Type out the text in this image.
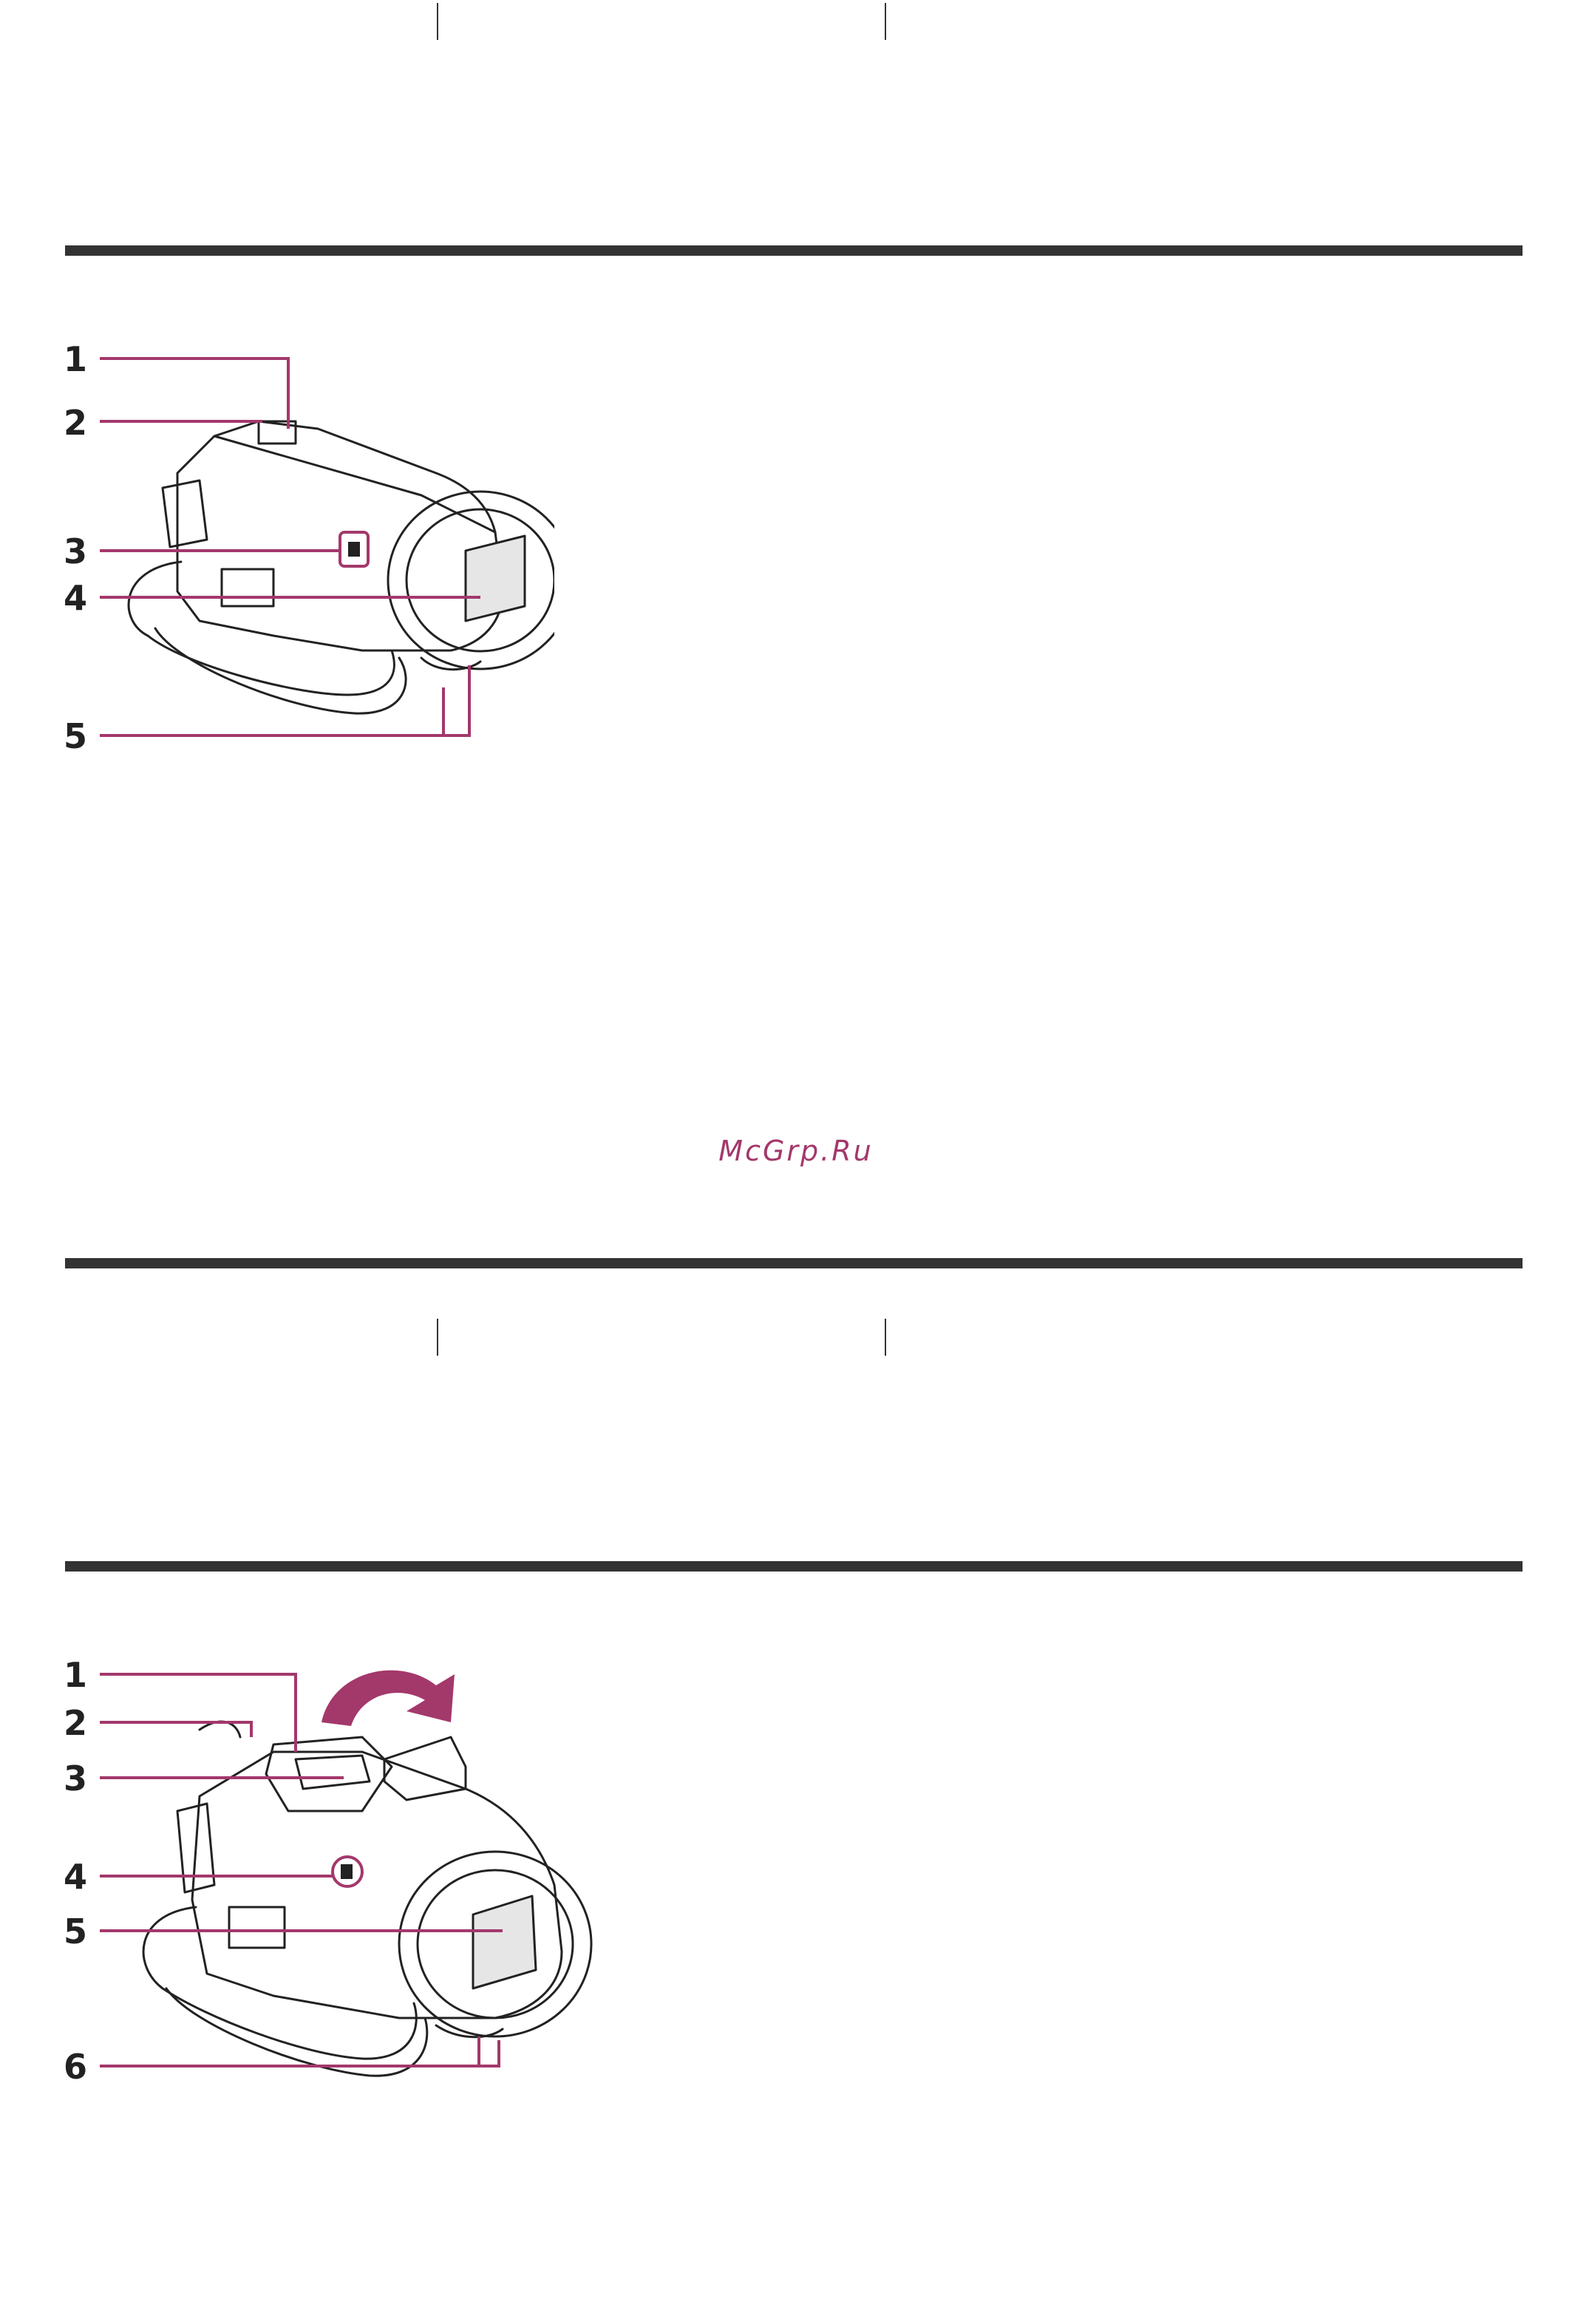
1
2
3
4
5
McGrp.Ru
1
2
3
4
5
6
